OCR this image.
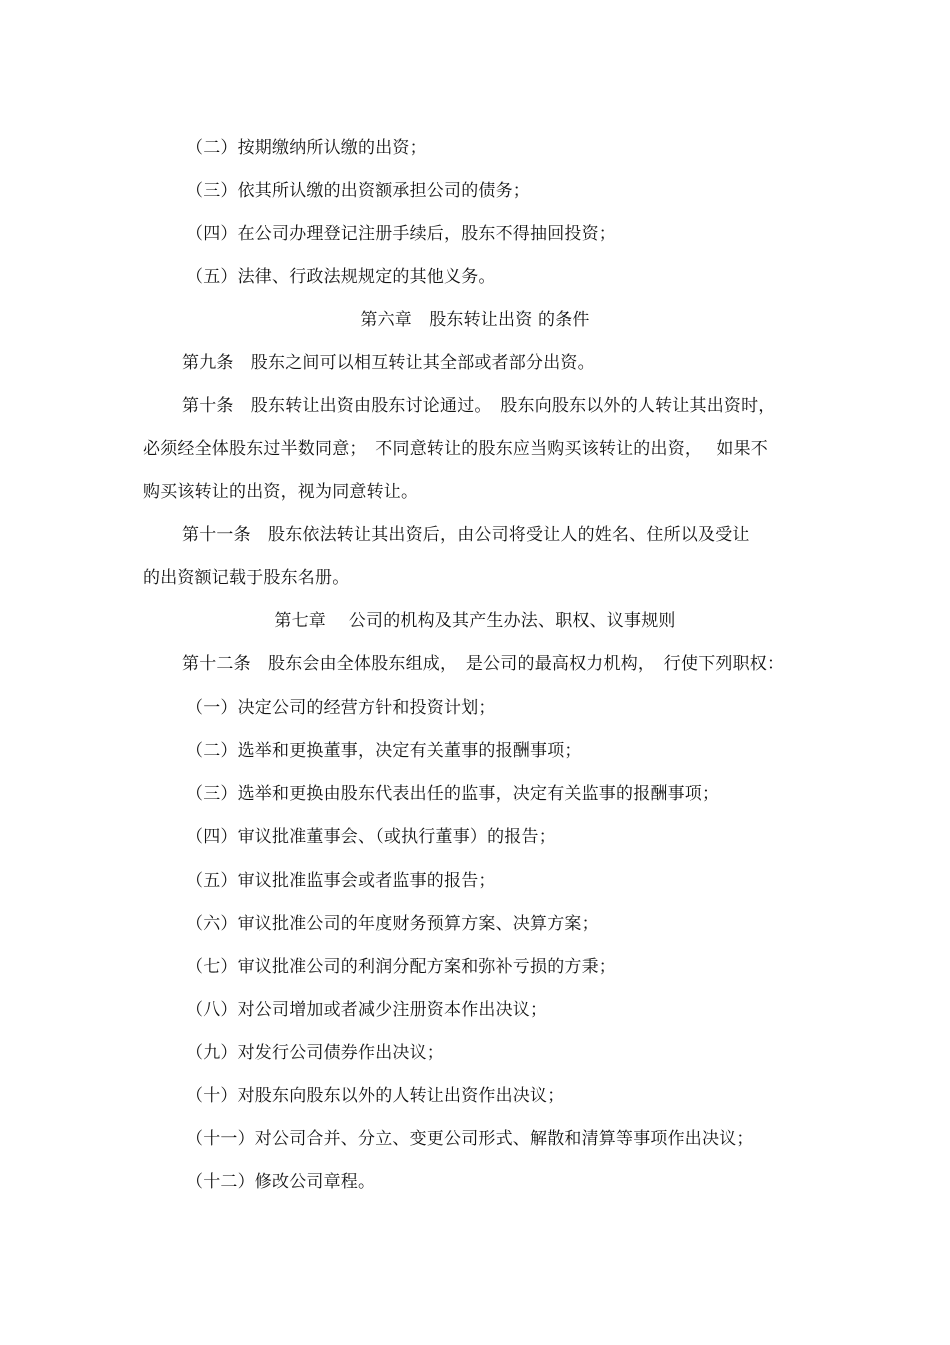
（二）按期缴纳所认缴的出资；
（三）依其所认缴的出资额承担公司的债务；
（四）在公司办理登记注册手续后，股东不得抽回投资；
（五）法律、行政法规规定的其他义务。
第六章　股东转让出资 的条件
第九条　股东之间可以相互转让其全部或者部分出资。
第十条　股东转让出资由股东讨论通过。　股东向股东以外的人转让其出资时，
必须经全体股东过半数同意；　不同意转让的股东应当购买该转让的出资，　 如果不
购买该转让的出资，视为同意转让。
第十一条　股东依法转让其出资后，由公司将受让人的姓名、住所以及受让
的出资额记载于股东名册。
第七章　 公司的机构及其产生办法、职权、议事规则
第十二条　股东会由全体股东组成，　是公司的最高权力机构，　行使下列职权：
（一）决定公司的经营方针和投资计划；
（二）选举和更换董事，决定有关董事的报酬事项；
（三）选举和更换由股东代表出任的监事，决定有关监事的报酬事项；
（四）审议批准董事会、（或执行董事）的报告；
（五）审议批准监事会或者监事的报告；
（六）审议批准公司的年度财务预算方案、决算方案；
（七）审议批准公司的利润分配方案和弥补亏损的方秉；
（八）对公司增加或者减少注册资本作出决议；
（九）对发行公司债券作出决议；
（十）对股东向股东以外的人转让出资作出决议；
（十一）对公司合并、分立、变更公司形式、解散和清算等事项作出决议；
（十二）修改公司章程。
